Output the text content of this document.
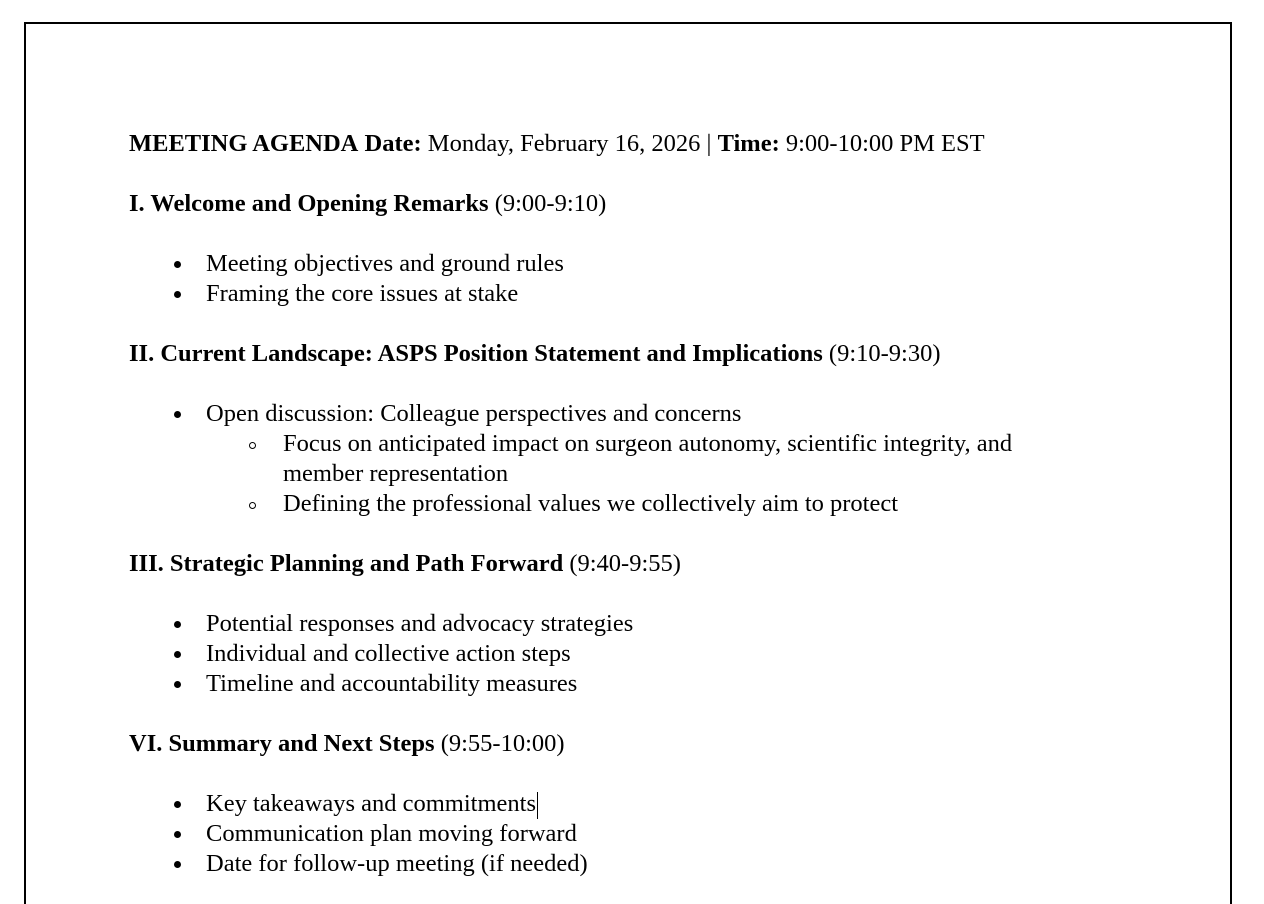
MEETING AGENDA Date: Monday, February 16, 2026 | Time: 9:00-10:00 PM EST

I. Welcome and Opening Remarks (9:00-9:10)

Meeting objectives and ground rules
Framing the core issues at stake

II. Current Landscape: ASPS Position Statement and Implications (9:10-9:30)

Open discussion: Colleague perspectives and concerns
Focus on anticipated impact on surgeon autonomy, scientific integrity, and member representation
Defining the professional values we collectively aim to protect

III. Strategic Planning and Path Forward (9:40-9:55)

Potential responses and advocacy strategies
Individual and collective action steps
Timeline and accountability measures

VI. Summary and Next Steps (9:55-10:00)

Key takeaways and commitments
Communication plan moving forward
Date for follow-up meeting (if needed)
